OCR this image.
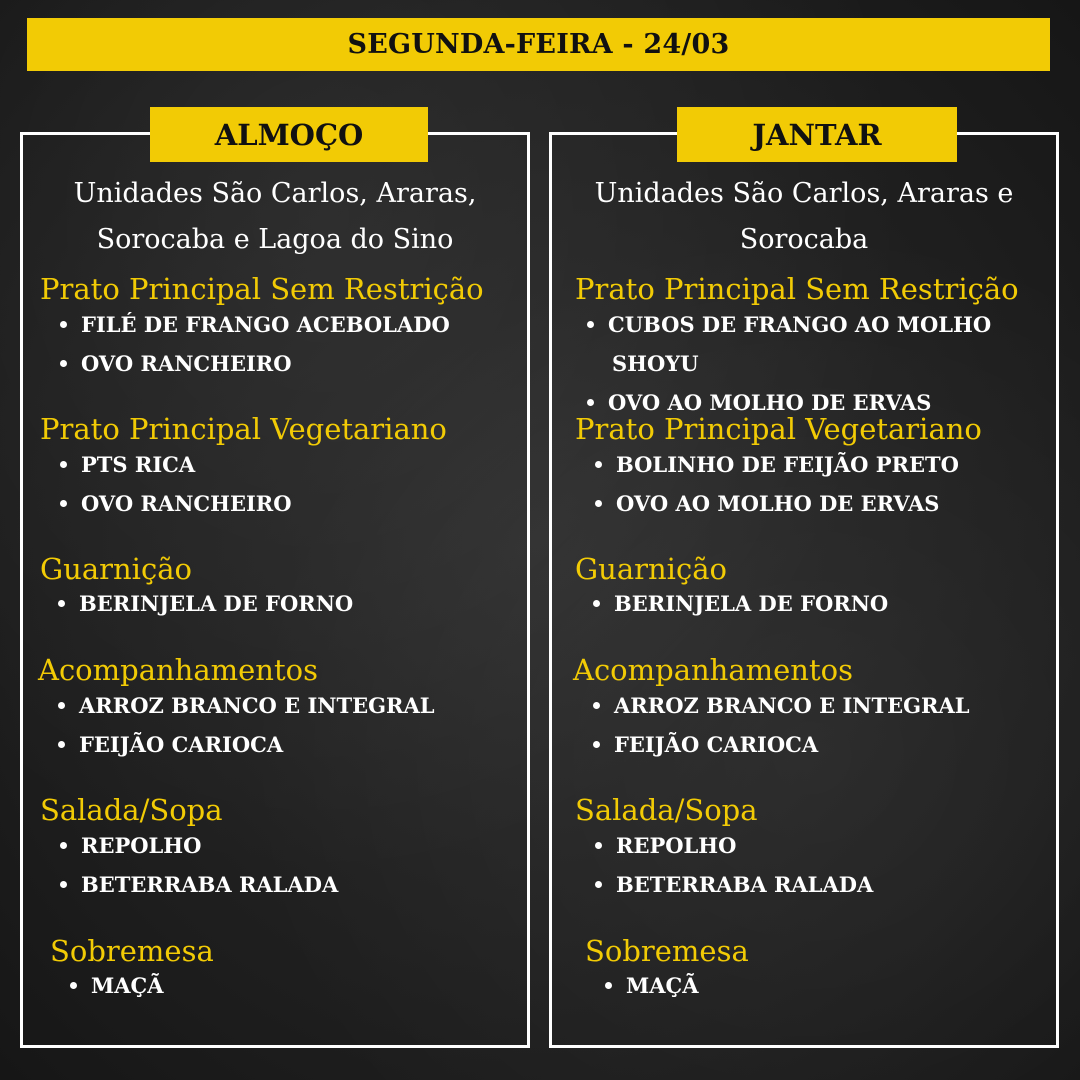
SEGUNDA-FEIRA - 24/03
ALMOÇO
Unidades São Carlos, Araras,
Sorocaba e Lagoa do Sino
Prato Principal Sem Restrição
FILÉ DE FRANGO ACEBOLADO
OVO RANCHEIRO
Prato Principal Vegetariano
PTS RICA
OVO RANCHEIRO
Guarnição
BERINJELA DE FORNO
Acompanhamentos
ARROZ BRANCO E INTEGRAL
FEIJÃO CARIOCA
Salada/Sopa
REPOLHO
BETERRABA RALADA
Sobremesa
MAÇÃ
JANTAR
Unidades São Carlos, Araras e
Sorocaba
Prato Principal Sem Restrição
CUBOS DE FRANGO AO MOLHO
SHOYU
OVO AO MOLHO DE ERVAS
Prato Principal Vegetariano
BOLINHO DE FEIJÃO PRETO
OVO AO MOLHO DE ERVAS
Guarnição
BERINJELA DE FORNO
Acompanhamentos
ARROZ BRANCO E INTEGRAL
FEIJÃO CARIOCA
Salada/Sopa
REPOLHO
BETERRABA RALADA
Sobremesa
MAÇÃ
